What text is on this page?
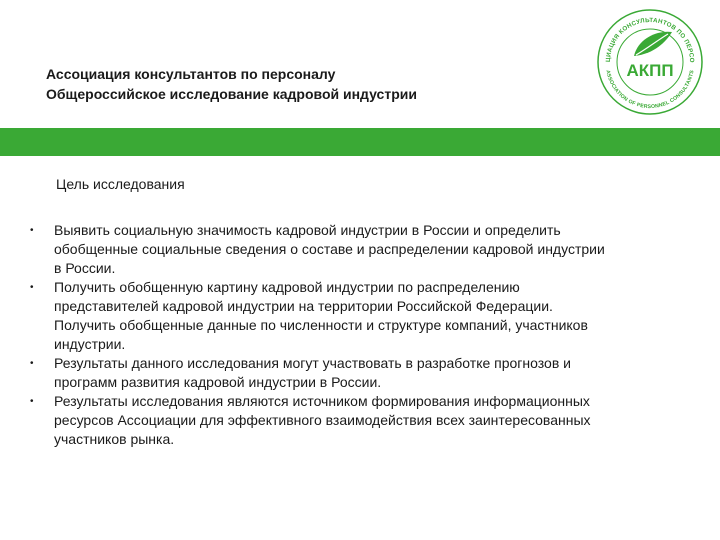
Ассоциация консультантов по персоналу
Общероссийское исследование кадровой индустрии
ЦИАЦИЯ КОНСУЛЬТАНТОВ ПО ПЕРСО
ASSOCIATION OF PERSONNEL CONSULTANTS
АКПП
Цель исследования
• Выявить социальную значимость кадровой индустрии в России и определить
обобщенные социальные сведения о составе и распределении кадровой индустрии
в России.
• Получить обобщенную картину кадровой индустрии по распределению
представителей кадровой индустрии на территории Российской Федерации.
Получить обобщенные данные по численности и структуре компаний, участников
индустрии.
• Результаты данного исследования могут участвовать в разработке прогнозов и
программ развития кадровой индустрии в России.
• Результаты исследования являются источником формирования информационных
ресурсов Ассоциации для эффективного взаимодействия всех заинтересованных
участников рынка.
